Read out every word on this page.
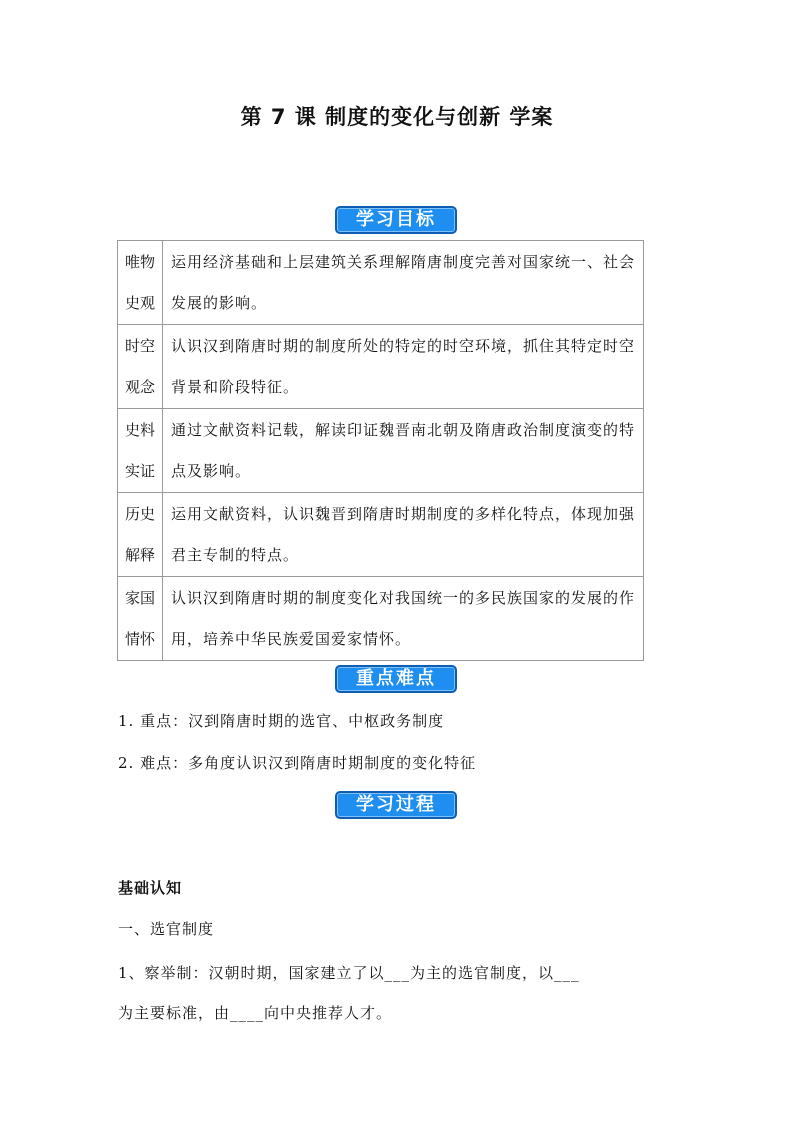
第 7 课 制度的变化与创新 学案
学习目标
唯物
史观	运用经济基础和上层建筑关系理解隋唐制度完善对国家统一、社会发展的影响。

时空
观念	认识汉到隋唐时期的制度所处的特定的时空环境，抓住其特定时空背景和阶段特征。

史料
实证	通过文献资料记载，解读印证魏晋南北朝及隋唐政治制度演变的特点及影响。

历史
解释	运用文献资料，认识魏晋到隋唐时期制度的多样化特点，体现加强君主专制的特点。

家国
情怀	认识汉到隋唐时期的制度变化对我国统一的多民族国家的发展的作用，培养中华民族爱国爱家情怀。
重点难点
1. 重点：汉到隋唐时期的选官、中枢政务制度
2. 难点：多角度认识汉到隋唐时期制度的变化特征
学习过程
基础认知
一、选官制度
1、察举制：汉朝时期，国家建立了以___为主的选官制度，以___
为主要标准，由____向中央推荐人才。
